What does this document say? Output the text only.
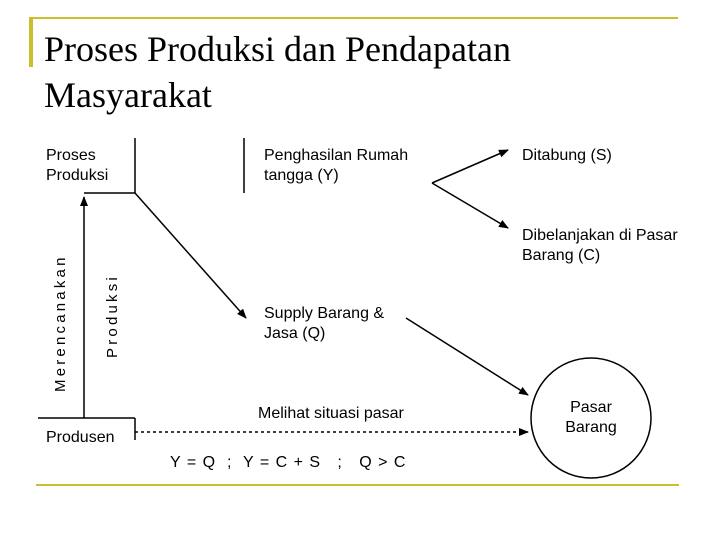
Proses Produksi dan Pendapatan Masyarakat
Proses Produksi
Penghasilan Rumah tangga (Y)
Ditabung (S)
Dibelanjakan di Pasar Barang (C)
Supply Barang & Jasa (Q)
Melihat situasi pasar	Pasar Barang
Produsen
Y = Q  ;  Y = C + S   ;   Q > C
Merencanakan Produksi
